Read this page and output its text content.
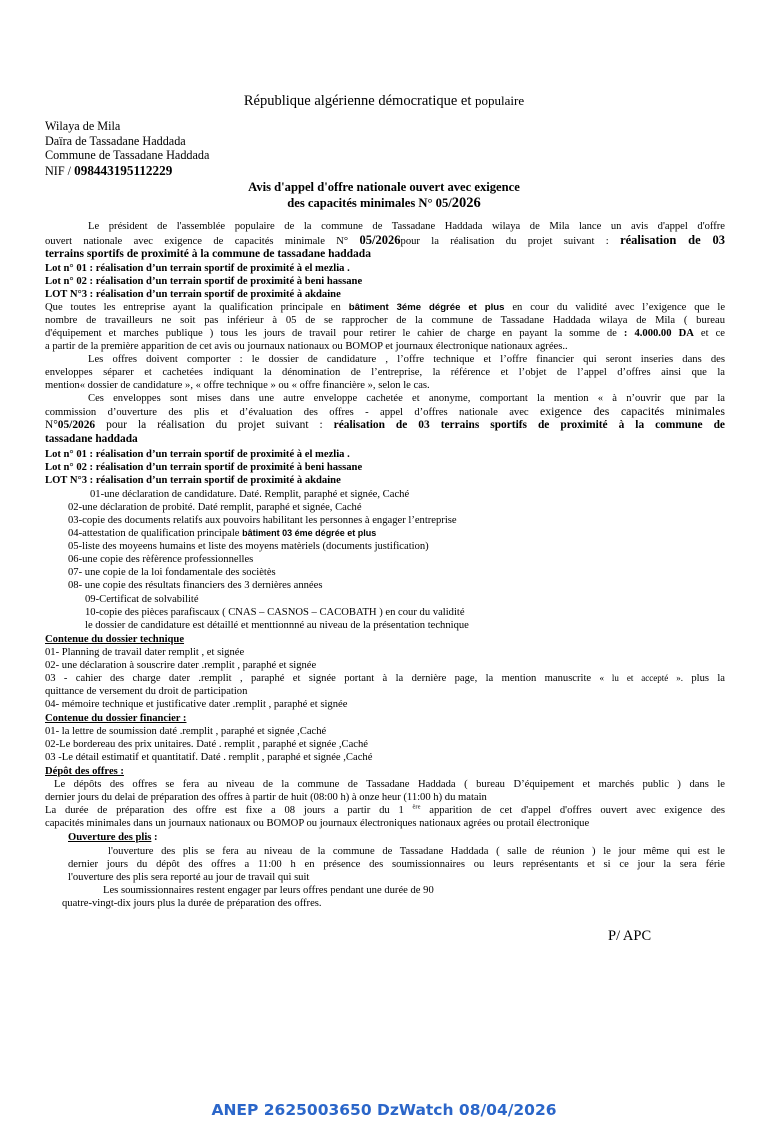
République algérienne démocratique et populaire
Wilaya de Mila
Daïra de Tassadane Haddada
Commune de Tassadane Haddada
NIF / 098443195112229
Avis d'appel d'offre nationale ouvert avec exigence
des capacités minimales N° 05/2026
Le président de l'assemblée populaire de la commune de Tassadane Haddada wilaya de Mila lance un avis d'appel d'offre
ouvert nationale avec exigence de capacités minimale N° 05/2026pour la réalisation du projet suivant : réalisation de 03
terrains sportifs de proximité à la commune de tassadane haddada
Lot n° 01 : réalisation d’un terrain sportif de proximité à el mezlia .
Lot n° 02 : réalisation d’un terrain sportif de proximité à beni hassane
LOT N°3 : réalisation d’un terrain sportif de proximité à akdaine
Que toutes les entreprise ayant la qualification principale en bâtiment 3éme dégrée et plus en cour du validité avec l’exigence que le
nombre de travailleurs ne soit pas inférieur à 05 de se rapprocher de la commune de Tassadane Haddada wilaya de Mila ( bureau
d'équipement et marches publique ) tous les jours de travail pour retirer le cahier de charge en payant la somme de : 4.000.00 DA et ce
a partir de la première apparition de cet avis ou journaux nationaux ou BOMOP et journaux électronique nationaux agrées..
Les offres doivent comporter : le dossier de candidature , l’offre technique et l’offre financier qui seront inseries dans des
enveloppes séparer et cachetées indiquant la dénomination de l’entreprise, la référence et l’objet de l’appel d’offres ainsi que la
mention« dossier de candidature », « offre technique » ou « offre financière », selon le cas.
Ces enveloppes sont mises dans une autre enveloppe cachetée et anonyme, comportant la mention « à n’ouvrir que par la
commission d’ouverture des plis et d’évaluation des offres - appel d’offres nationale avec exigence des capacités minimales
N°05/2026 pour la réalisation du projet suivant : réalisation de 03 terrains sportifs de proximité à la commune de
tassadane haddada
Lot n° 01 : réalisation d’un terrain sportif de proximité à el mezlia .
Lot n° 02 : réalisation d’un terrain sportif de proximité à beni hassane
LOT N°3 : réalisation d’un terrain sportif de proximité à akdaine
01-une déclaration de candidature. Daté. Remplit, paraphé et signée, Caché
02-une déclaration de probité. Daté remplit, paraphé et signée, Caché
03-copie des documents relatifs aux pouvoirs habilitant les personnes à engager l’entreprise
04-attestation de qualification principale bâtiment 03 éme dégrée et plus
05-liste des moyeens humains et liste des moyens matèriels (documents justification)
06-une copie des rèfèrence professionnelles
07- une copie de la loi fondamentale des sociètès
08- une copie des résultats financiers des 3 dernières années
09-Certificat de solvabilité
10-copie des pièces parafiscaux ( CNAS – CASNOS – CACOBATH ) en cour du validité
le dossier de candidature est détaillé et menttionnné au niveau de la présentation technique
Contenue du dossier technique
01- Planning de travail dater remplit , et signée
02- une déclaration à souscrire dater .remplit , paraphé et signée
03 - cahier des charge dater .remplit , paraphé et signée portant à la dernière page, la mention manuscrite « lu et accepté ». plus la
quittance de versement du droit de participation
04- mémoire technique et justificative dater .remplit , paraphé et signée
Contenue du dossier financier :
01- la lettre de soumission daté .remplit , paraphé et signée ,Caché
02-Le bordereau des prix unitaires. Daté . remplit , paraphé et signée ,Caché
03 -Le détail estimatif et quantitatif. Daté . remplit , paraphé et signée ,Caché
Dépôt des offres :
Le dépôts des offres se fera au niveau de la commune de Tassadane Haddada ( bureau D’équipement et marchés public ) dans le
dernier jours du delai de préparation des offres à partir de huit (08:00 h) à onze heur (11:00 h) du matain
La durée de préparation des offre est fixe a 08 jours a partir du 1 $^{ère}$ apparition de cet d'appel d'offres ouvert avec exigence des
capacités minimales dans un journaux nationaux ou BOMOP ou journaux électroniques nationaux agrées ou protail électronique
Ouverture des plis :
l'ouverture des plis se fera au niveau de la commune de Tassadane Haddada ( salle de réunion ) le jour même qui est le
dernier jours du dépôt des offres a 11:00 h en présence des soumissionnaires ou leurs représentants et si ce jour la sera férie
l'ouverture des plis sera reporté au jour de travail qui suit
Les soumissionnaires restent engager par leurs offres pendant une durée de 90
quatre-vingt-dix jours plus la durée de préparation des offres.
P/ APC
ANEP 2625003650 DzWatch 08/04/2026
